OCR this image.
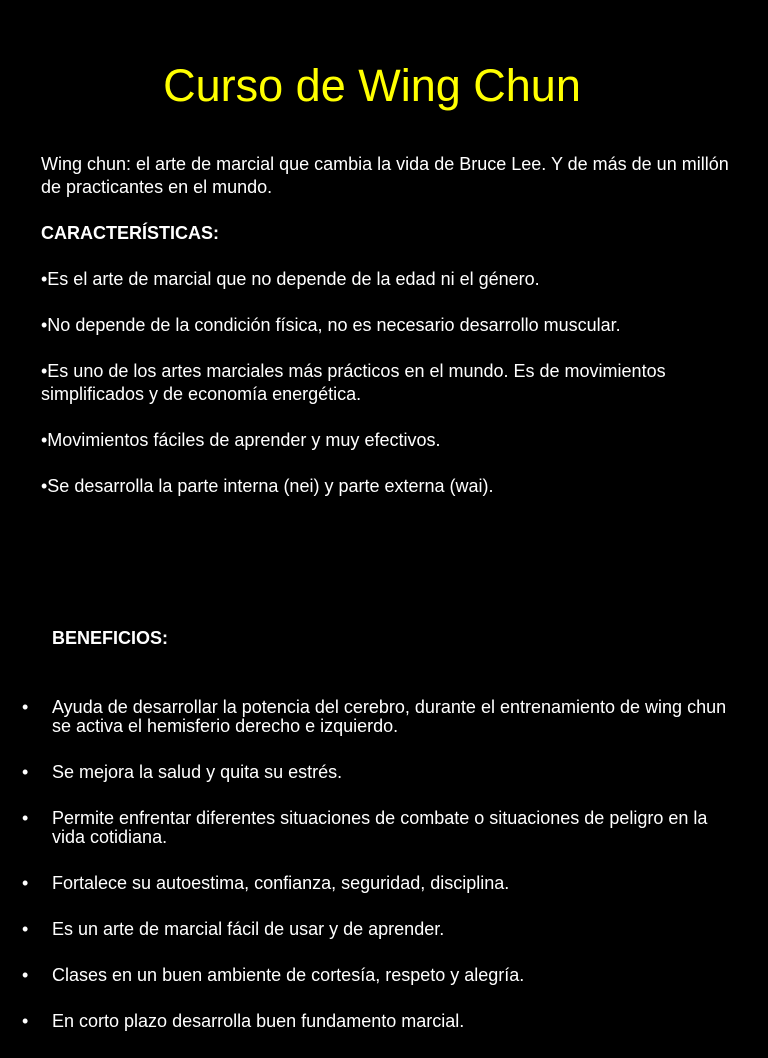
Curso de Wing Chun
Wing chun: el arte de marcial que cambia la vida de Bruce Lee. Y de más de un millón de practicantes en el mundo.
CARACTERÍSTICAS:
•Es el arte de marcial que no depende de la edad ni el género.
•No depende de la condición física, no es necesario desarrollo muscular.
•Es uno de los artes marciales más prácticos en el mundo. Es de movimientos simplificados y de economía energética.
•Movimientos fáciles de aprender y muy efectivos.
•Se desarrolla la parte interna (nei) y parte externa (wai).
BENEFICIOS:
• Ayuda de desarrollar la potencia del cerebro, durante el entrenamiento de wing chun se activa el hemisferio derecho e izquierdo.
• Se mejora la salud y quita su estrés.
• Permite enfrentar diferentes situaciones de combate o situaciones de peligro en la vida cotidiana.
• Fortalece su autoestima, confianza, seguridad, disciplina.
• Es un arte de marcial fácil de usar y de aprender.
• Clases en un buen ambiente de cortesía, respeto y alegría.
• En corto plazo desarrolla buen fundamento marcial.
